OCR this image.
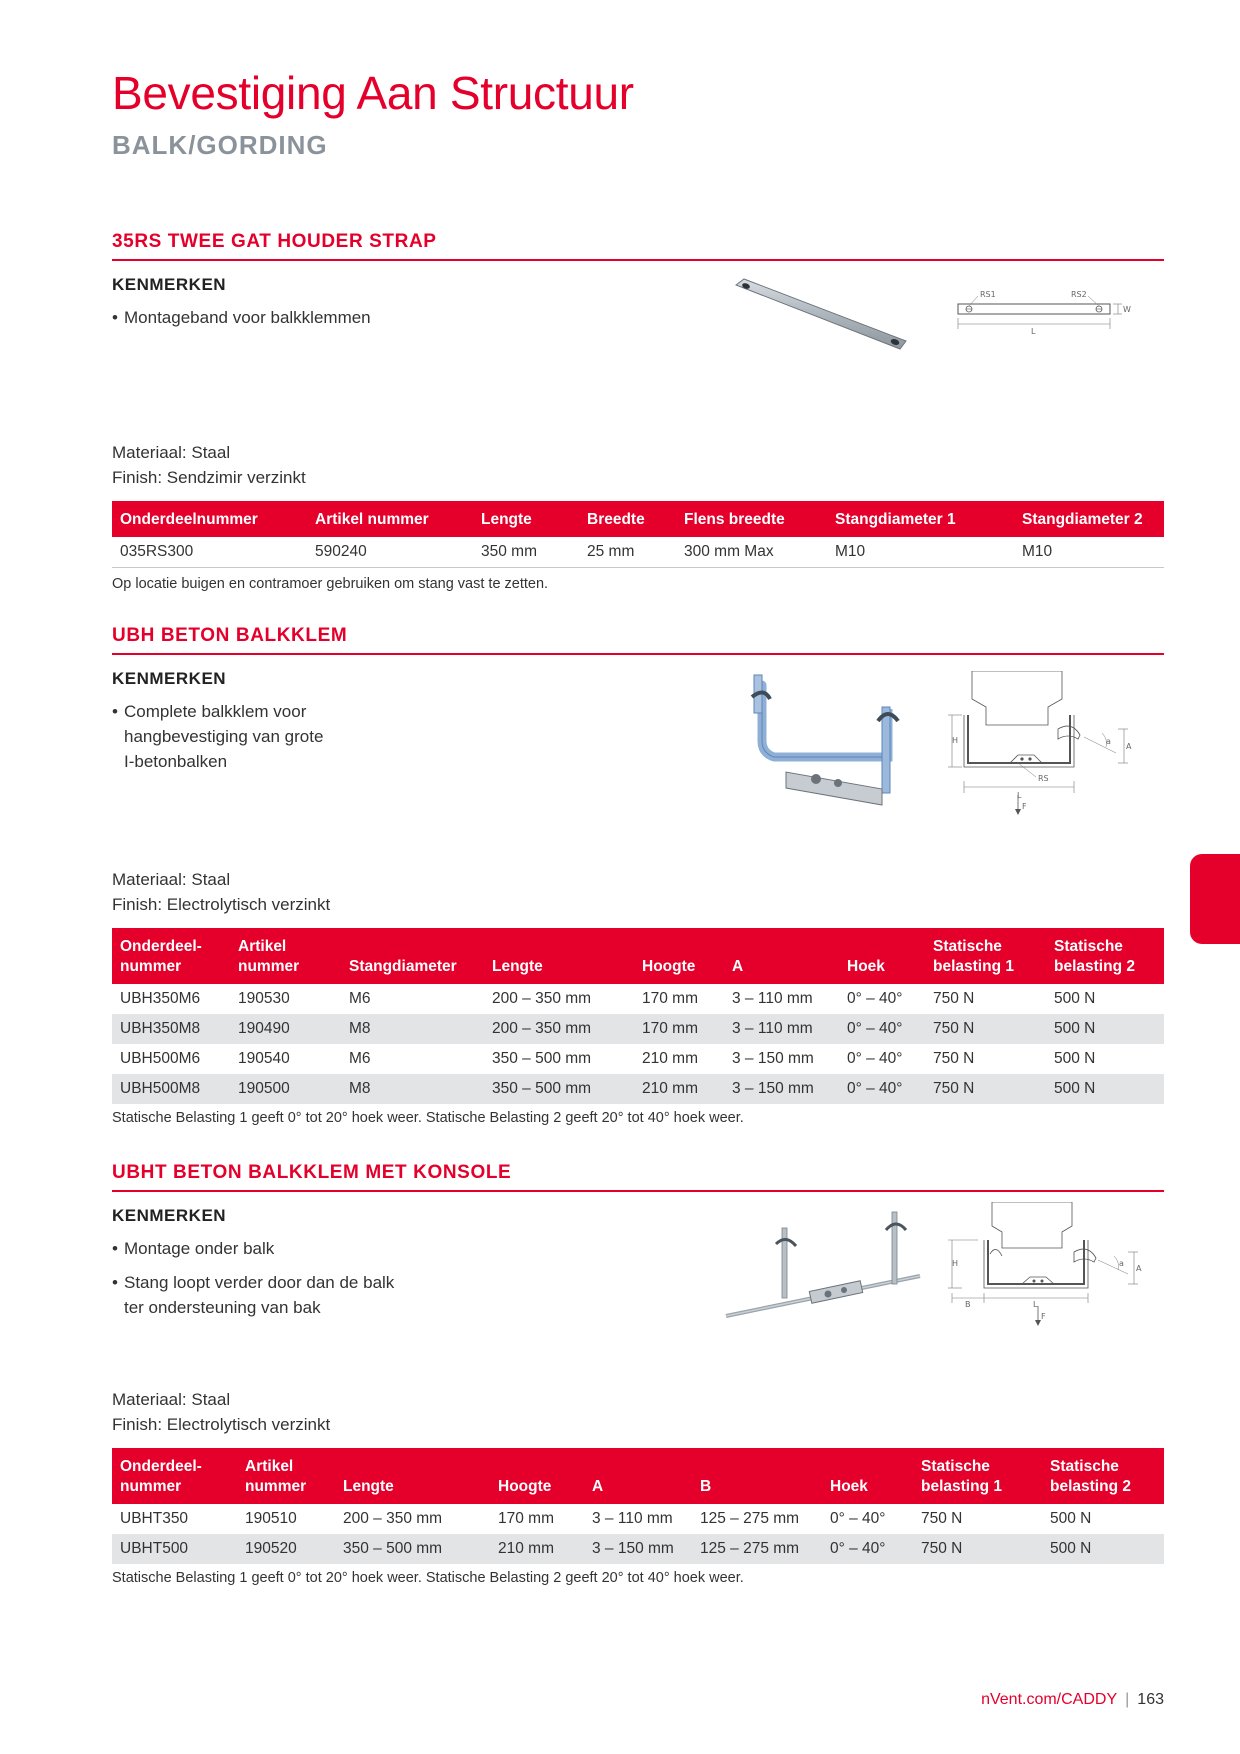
Bevestiging Aan Structuur
BALK/GORDING
35RS TWEE GAT HOUDER STRAP
KENMERKEN
• Montageband voor balkklemmen
RS1	RS2
L
W
Materiaal: Staal
Finish: Sendzimir verzinkt
Onderdeelnummer	Artikel nummer	Lengte	Breedte	Flens breedte	Stangdiameter 1	Stangdiameter 2
035RS300	590240	350 mm	25 mm	300 mm Max	M10	M10
Op locatie buigen en contramoer gebruiken om stang vast te zetten.
UBH BETON BALKKLEM
KENMERKEN
• Complete balkklem voor
hangbevestiging van grote
I-betonbalken
H
A
a
RS
L
F
Materiaal: Staal
Finish: Electrolytisch verzinkt
Onderdeel-
nummer	Artikel
nummer	Stangdiameter	Lengte	Hoogte	A	Hoek	Statische
belasting 1	Statische
belasting 2
UBH350M6	190530	M6	200 – 350 mm	170 mm	3 – 110 mm	0° – 40°	750 N	500 N
UBH350M8	190490	M8	200 – 350 mm	170 mm	3 – 110 mm	0° – 40°	750 N	500 N
UBH500M6	190540	M6	350 – 500 mm	210 mm	3 – 150 mm	0° – 40°	750 N	500 N
UBH500M8	190500	M8	350 – 500 mm	210 mm	3 – 150 mm	0° – 40°	750 N	500 N
Statische Belasting 1 geeft 0° tot 20° hoek weer. Statische Belasting 2 geeft 20° tot 40° hoek weer.
UBHT BETON BALKKLEM MET KONSOLE
KENMERKEN
• Montage onder balk
• Stang loopt verder door dan de balk
ter ondersteuning van bak
H
A
a
B	L
F
Materiaal: Staal
Finish: Electrolytisch verzinkt
Onderdeel-
nummer	Artikel
nummer	Lengte	Hoogte	A	B	Hoek	Statische
belasting 1	Statische
belasting 2
UBHT350	190510	200 – 350 mm	170 mm	3 – 110 mm	125 – 275 mm	0° – 40°	750 N	500 N
UBHT500	190520	350 – 500 mm	210 mm	3 – 150 mm	125 – 275 mm	0° – 40°	750 N	500 N
Statische Belasting 1 geeft 0° tot 20° hoek weer. Statische Belasting 2 geeft 20° tot 40° hoek weer.
nVent.com/CADDY | 163
